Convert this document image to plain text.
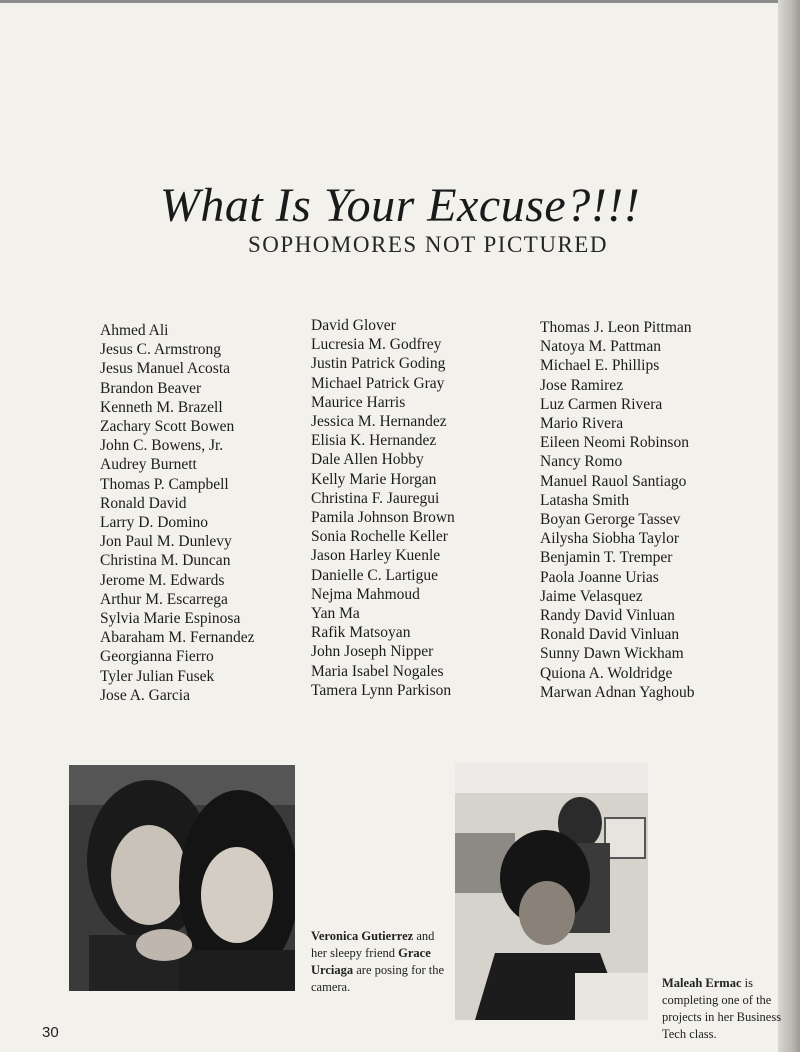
What Is Your Excuse?!!!
SOPHOMORES NOT PICTURED
Ahmed Ali
Jesus C. Armstrong
Jesus Manuel Acosta
Brandon Beaver
Kenneth M. Brazell
Zachary Scott Bowen
John C. Bowens, Jr.
Audrey Burnett
Thomas P. Campbell
Ronald David
Larry D. Domino
Jon Paul M. Dunlevy
Christina M. Duncan
Jerome M. Edwards
Arthur M. Escarrega
Sylvia Marie Espinosa
Abaraham M. Fernandez
Georgianna Fierro
Tyler Julian Fusek
Jose A. Garcia
David Glover
Lucresia M. Godfrey
Justin Patrick Goding
Michael Patrick Gray
Maurice Harris
Jessica M. Hernandez
Elisia K. Hernandez
Dale Allen Hobby
Kelly Marie Horgan
Christina F. Jauregui
Pamila Johnson Brown
Sonia Rochelle Keller
Jason Harley Kuenle
Danielle C. Lartigue
Nejma Mahmoud
Yan Ma
Rafik Matsoyan
John Joseph Nipper
Maria Isabel Nogales
Tamera Lynn Parkison
Thomas J. Leon Pittman
Natoya M. Pattman
Michael E. Phillips
Jose Ramirez
Luz Carmen Rivera
Mario Rivera
Eileen Neomi Robinson
Nancy Romo
Manuel Rauol Santiago
Latasha Smith
Boyan Gerorge Tassev
Ailysha Siobha Taylor
Benjamin T. Tremper
Paola Joanne Urias
Jaime Velasquez
Randy David Vinluan
Ronald David Vinluan
Sunny Dawn Wickham
Quiona A. Woldridge
Marwan Adnan Yaghoub
Veronica Gutierrez and her sleepy friend Grace Urciaga are posing for the camera.	Maleah Ermac is completing one of the projects in her Business Tech class.
30
